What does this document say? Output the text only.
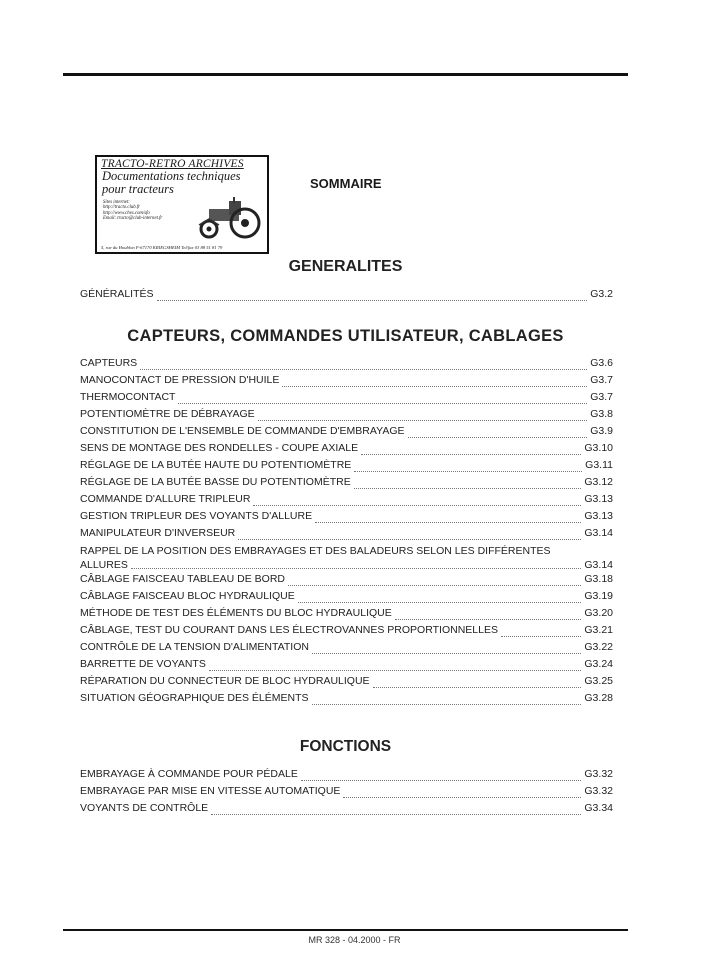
TRACTO-RETRO ARCHIVES
Documentations techniques
pour tracteurs
Sites internet:
http://tracto.club.fr
http://www.ches.com/sfo
Email: tracto@club-internet.fr
5, rue du Houblon F-67170 KRIEGSHEIM Tel/fax 03 88 51 81 79
SOMMAIRE
GENERALITES
GÉNÉRALITÉS	G3.2
CAPTEURS, COMMANDES UTILISATEUR, CABLAGES
CAPTEURS	G3.6
MANOCONTACT DE PRESSION D'HUILE	G3.7
THERMOCONTACT	G3.7
POTENTIOMÈTRE DE DÉBRAYAGE	G3.8
CONSTITUTION DE L'ENSEMBLE DE COMMANDE D'EMBRAYAGE	G3.9
SENS DE MONTAGE DES RONDELLES - COUPE AXIALE	G3.10
RÉGLAGE DE LA BUTÉE HAUTE DU POTENTIOMÈTRE	G3.11
RÉGLAGE DE LA BUTÉE BASSE DU POTENTIOMÈTRE	G3.12
COMMANDE D'ALLURE TRIPLEUR	G3.13
GESTION TRIPLEUR DES VOYANTS D'ALLURE	G3.13
MANIPULATEUR D'INVERSEUR	G3.14
RAPPEL DE LA POSITION DES EMBRAYAGES ET DES BALADEURS SELON LES DIFFÉRENTES
ALLURES	G3.14
CÂBLAGE FAISCEAU TABLEAU DE BORD	G3.18
CÂBLAGE FAISCEAU BLOC HYDRAULIQUE	G3.19
MÉTHODE DE TEST DES ÉLÉMENTS DU BLOC HYDRAULIQUE	G3.20
CÂBLAGE, TEST DU COURANT DANS LES ÉLECTROVANNES PROPORTIONNELLES	G3.21
CONTRÔLE DE LA TENSION D'ALIMENTATION	G3.22
BARRETTE DE VOYANTS	G3.24
RÉPARATION DU CONNECTEUR DE BLOC HYDRAULIQUE	G3.25
SITUATION GÉOGRAPHIQUE DES ÉLÉMENTS	G3.28
FONCTIONS
EMBRAYAGE À COMMANDE POUR PÉDALE	G3.32
EMBRAYAGE PAR MISE EN VITESSE AUTOMATIQUE	G3.32
VOYANTS DE CONTRÔLE	G3.34
MR 328 - 04.2000 - FR
